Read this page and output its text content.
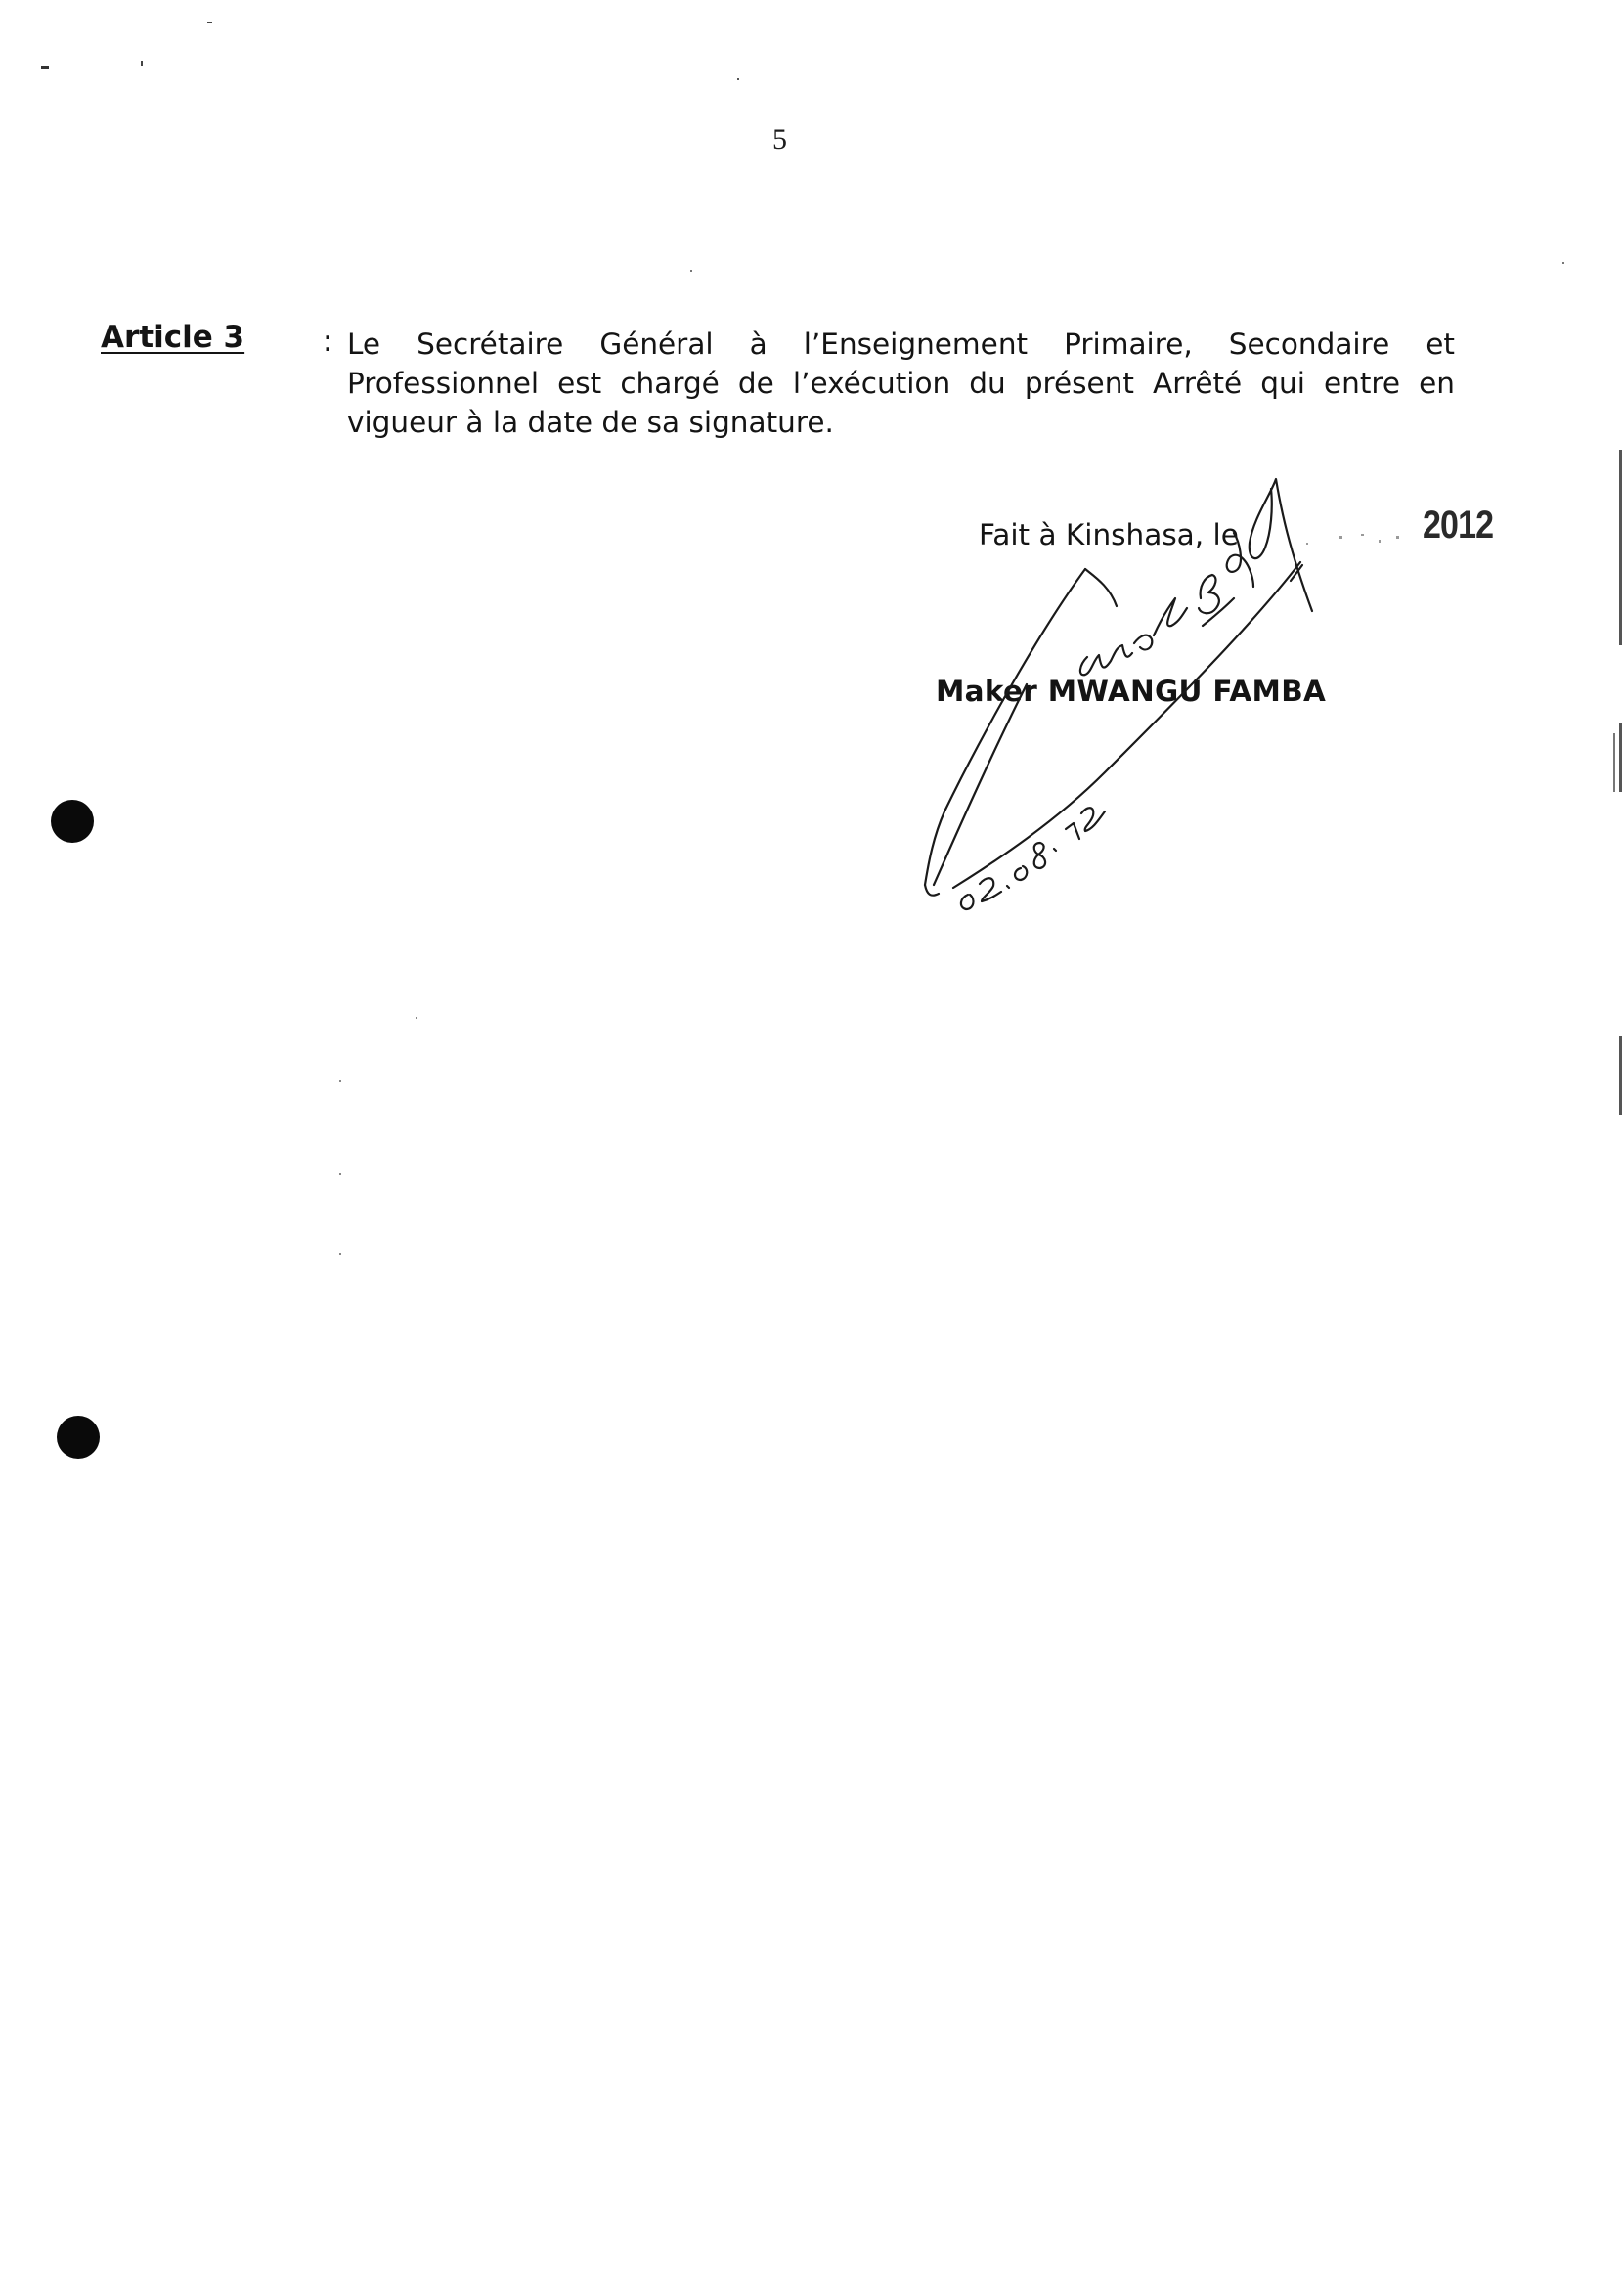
5
Article 3	: Le Secrétaire Général à l’Enseignement Primaire, Secondaire et Professionnel est chargé de l’exécution du présent Arrêté qui entre en vigueur à la date de sa signature.
Fait à Kinshasa, le	2012
Maker MWANGU FAMBA
